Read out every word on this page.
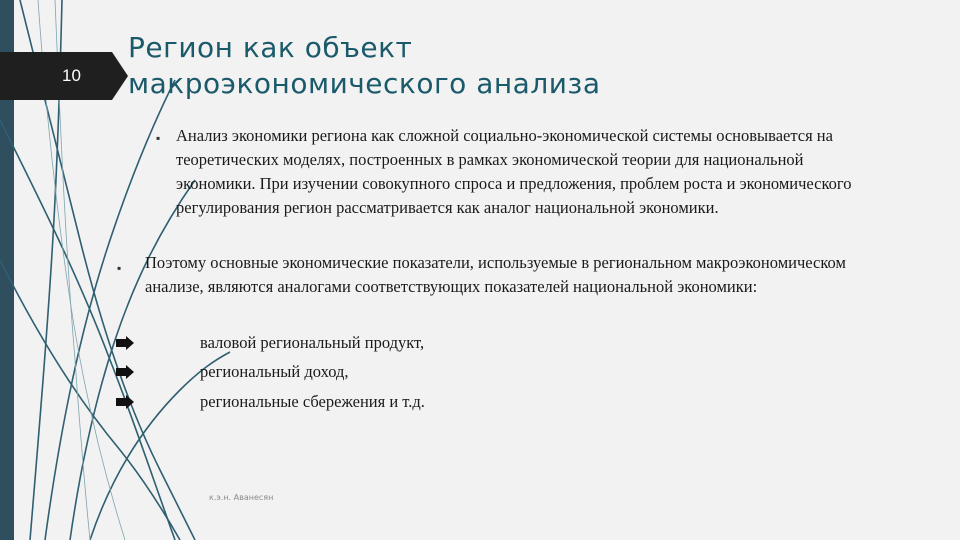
10
Регион как объект
макроэкономического анализа
▪ Анализ экономики региона как сложной социально-экономической системы основывается на теоретических моделях, построенных в рамках экономической теории для национальной экономики. При изучении совокупного спроса и предложения, проблем роста и экономического регулирования регион рассматривается как аналог национальной экономики.
▪ Поэтому основные экономические показатели, используемые в региональном макроэкономическом анализе, являются аналогами соответствующих показателей национальной экономики:
валовой региональный продукт,
региональный доход,
региональные сбережения и т.д.
к.э.н. Аванесян
